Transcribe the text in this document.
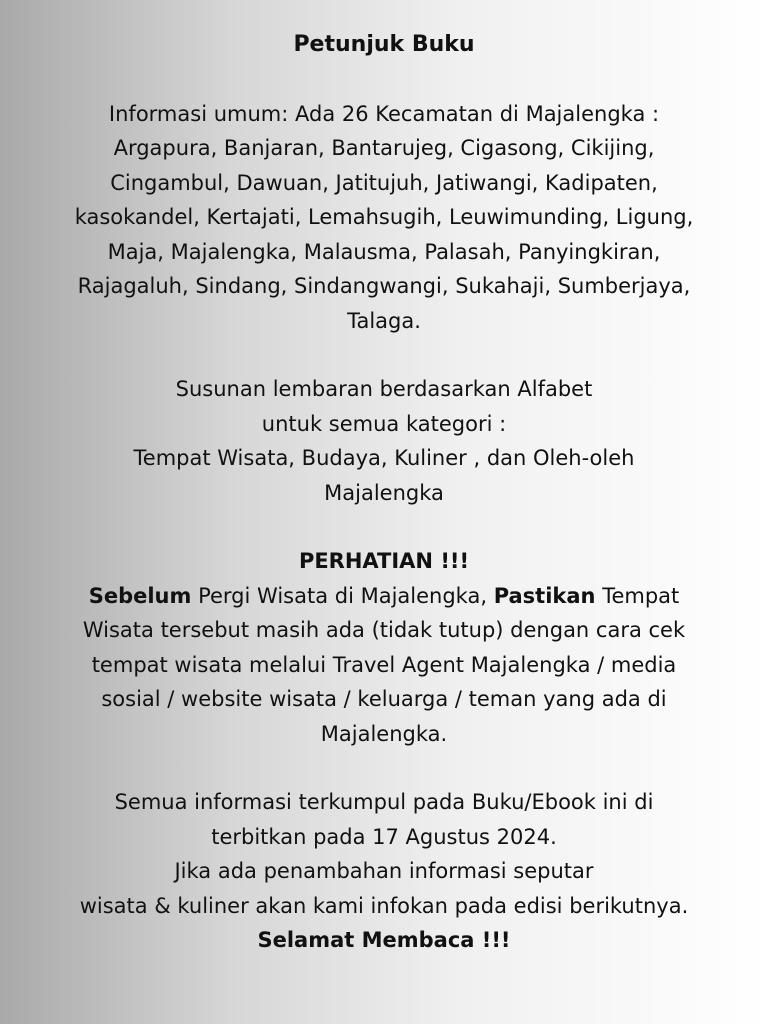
Petunjuk Buku

Informasi umum: Ada 26 Kecamatan di Majalengka :
Argapura, Banjaran, Bantarujeg, Cigasong, Cikijing,
Cingambul, Dawuan, Jatitujuh, Jatiwangi, Kadipaten,
kasokandel, Kertajati, Lemahsugih, Leuwimunding, Ligung,
Maja, Majalengka, Malausma, Palasah, Panyingkiran,
Rajagaluh, Sindang, Sindangwangi, Sukahaji, Sumberjaya,
Talaga.

Susunan lembaran berdasarkan Alfabet
untuk semua kategori :
Tempat Wisata, Budaya, Kuliner , dan Oleh-oleh
Majalengka

PERHATIAN !!!
Sebelum Pergi Wisata di Majalengka, Pastikan Tempat
Wisata tersebut masih ada (tidak tutup) dengan cara cek
tempat wisata melalui Travel Agent Majalengka / media
sosial / website wisata / keluarga / teman yang ada di
Majalengka.

Semua informasi terkumpul pada Buku/Ebook ini di
terbitkan pada 17 Agustus 2024.
Jika ada penambahan informasi seputar
wisata & kuliner akan kami infokan pada edisi berikutnya.
Selamat Membaca !!!
